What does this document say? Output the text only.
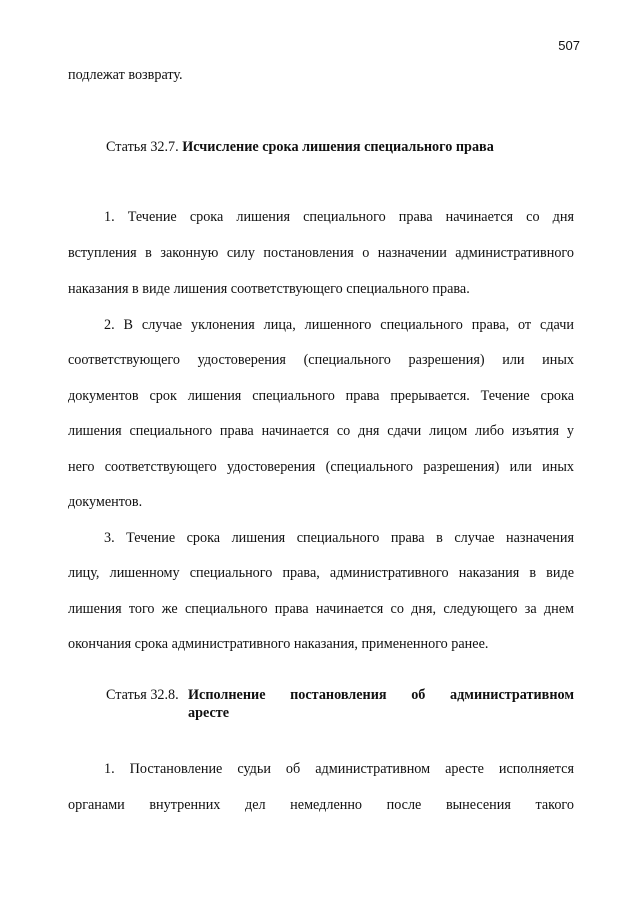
507
подлежат возврату.
Статья 32.7. Исчисление срока лишения специального права
1. Течение срока лишения специального права начинается со дня
вступления в законную силу постановления о назначении административного
наказания в виде лишения соответствующего специального права.
2. В случае уклонения лица, лишенного специального права, от сдачи
соответствующего удостоверения (специального разрешения) или иных
документов срок лишения специального права прерывается. Течение срока
лишения специального права начинается со дня сдачи лицом либо изъятия у
него соответствующего удостоверения (специального разрешения) или иных
документов.
3. Течение срока лишения специального права в случае назначения
лицу, лишенному специального права, административного наказания в виде
лишения того же специального права начинается со дня, следующего за днем
окончания срока административного наказания, примененного ранее.
Статья 32.8. Исполнение постановления об административном
аресте
1. Постановление судьи об административном аресте исполняется
органами внутренних дел немедленно после вынесения такого
